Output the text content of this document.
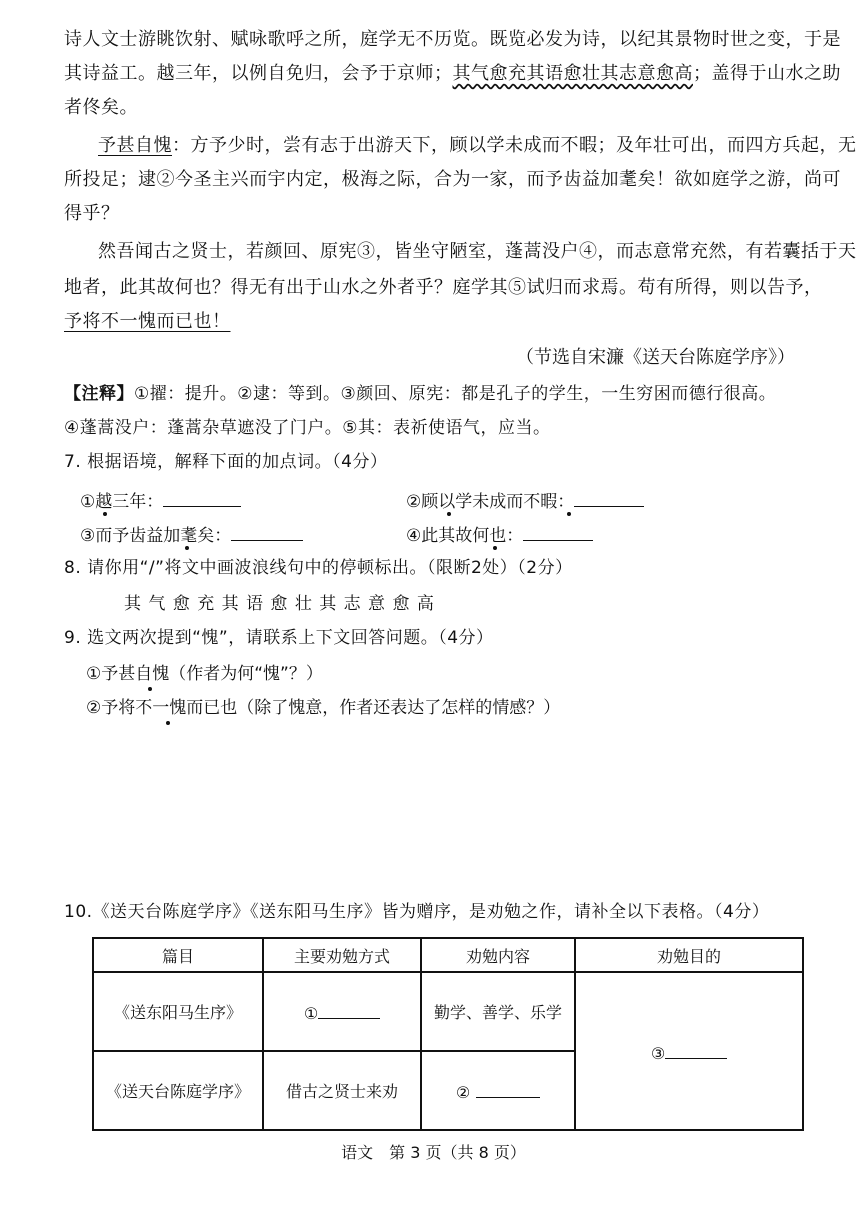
诗人文士游眺饮射、赋咏歌呼之所，庭学无不历览。既览必发为诗，以纪其景物时世之变，于是
其诗益工。越三年，以例自免归，会予于京师；其气愈充其语愈壮其志意愈高；盖得于山水之助
者佟矣。
予甚自愧：方予少时，尝有志于出游天下，顾以学未成而不暇；及年壮可出，而四方兵起，无
所投足；逮②今圣主兴而宇内定，极海之际，合为一家，而予齿益加耄矣！欲如庭学之游，尚可
得乎？
然吾闻古之贤士，若颜回、原宪③，皆坐守陋室，蓬蒿没户④，而志意常充然，有若囊括于天
地者，此其故何也？得无有出于山水之外者乎？庭学其⑤试归而求焉。苟有所得，则以告予，
予将不一愧而已也！
（节选自宋濂《送天台陈庭学序》）
【注释】①擢：提升。②逮：等到。③颜回、原宪：都是孔子的学生，一生穷困而德行很高。
④蓬蒿没户：蓬蒿杂草遮没了门户。⑤其：表祈使语气，应当。
7. 根据语境，解释下面的加点词。（4分）
①越三年：	②顾以学未成而不暇：
③而予齿益加耄矣：	④此其故何也：
8. 请你用“/”将文中画波浪线句中的停顿标出。（限断2处）（2分）
其 气 愈 充 其 语 愈 壮 其 志 意 愈 高
9. 选文两次提到“愧”，请联系上下文回答问题。（4分）
①予甚自愧（作者为何“愧”？）
②予将不一愧而已也（除了愧意，作者还表达了怎样的情感？）
10.《送天台陈庭学序》《送东阳马生序》皆为赠序，是劝勉之作，请补全以下表格。（4分）
篇目	主要劝勉方式	劝勉内容	劝勉目的
《送东阳马生序》	①	勤学、善学、乐学	③
《送天台陈庭学序》	借古之贤士来劝	②	
语文　第 3 页（共 8 页）
